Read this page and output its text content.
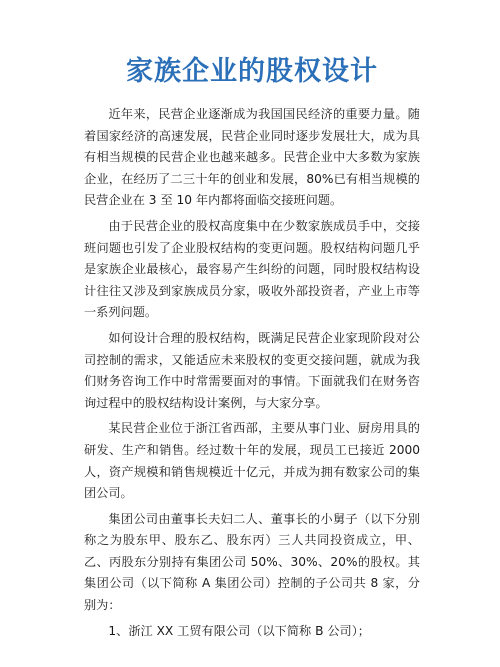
家族企业的股权设计

近年来，民营企业逐渐成为我国国民经济的重要力量。随着国家经济的高速发展，民营企业同时逐步发展壮大，成为具有相当规模的民营企业也越来越多。民营企业中大多数为家族企业，在经历了二三十年的创业和发展，80%已有相当规模的民营企业在 3 至 10 年内都将面临交接班问题。

由于民营企业的股权高度集中在少数家族成员手中，交接班问题也引发了企业股权结构的变更问题。股权结构问题几乎是家族企业最核心，最容易产生纠纷的问题，同时股权结构设计往往又涉及到家族成员分家，吸收外部投资者，产业上市等一系列问题。

如何设计合理的股权结构，既满足民营企业家现阶段对公司控制的需求，又能适应未来股权的变更交接问题，就成为我们财务咨询工作中时常需要面对的事情。下面就我们在财务咨询过程中的股权结构设计案例，与大家分享。

某民营企业位于浙江省西部，主要从事门业、厨房用具的研发、生产和销售。经过数十年的发展，现员工已接近 2000 人，资产规模和销售规模近十亿元，并成为拥有数家公司的集团公司。

集团公司由董事长夫妇二人、董事长的小舅子（以下分别称之为股东甲、股东乙、股东丙）三人共同投资成立，甲、乙、丙股东分别持有集团公司 50%、30%、20%的股权。其集团公司（以下简称 A 集团公司）控制的子公司共 8 家，分别为：

1、浙江 XX 工贸有限公司（以下简称 B 公司）；
